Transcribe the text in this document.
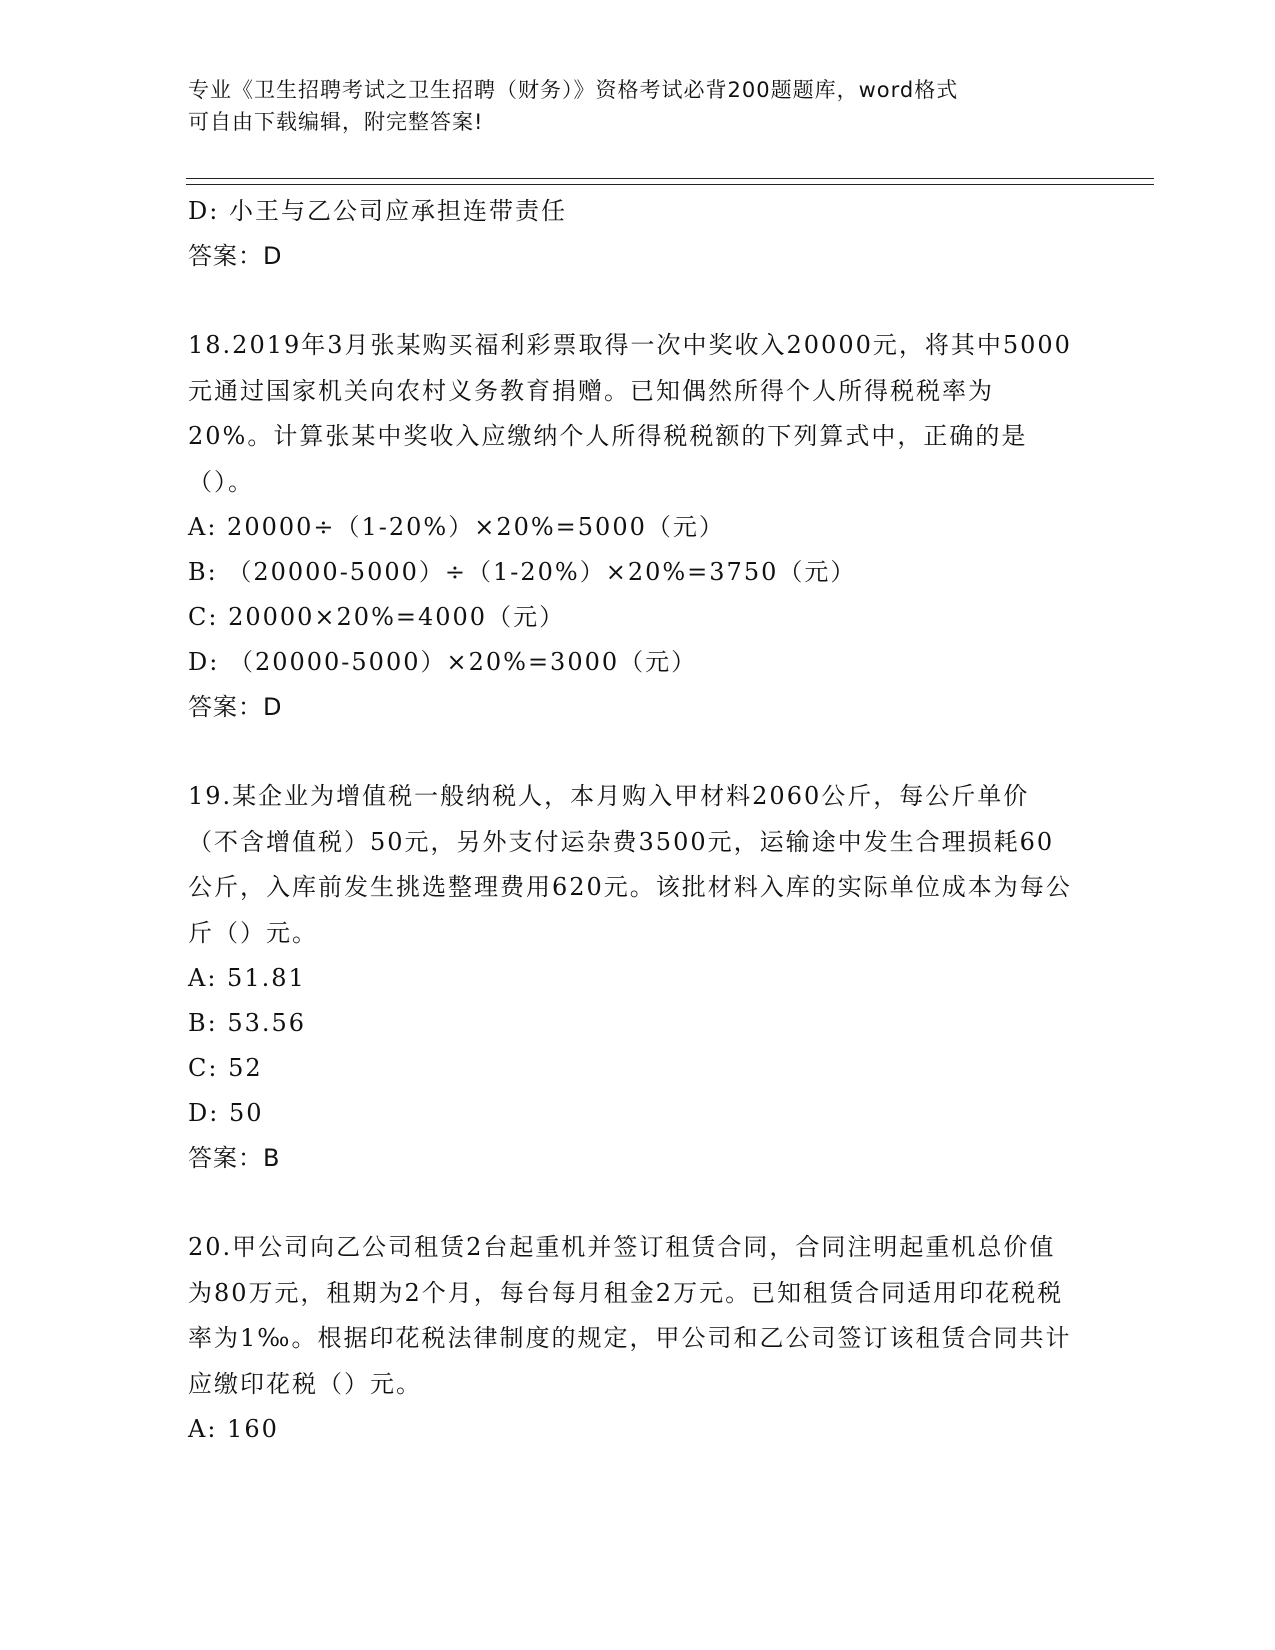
专业《卫生招聘考试之卫生招聘（财务）》资格考试必背200题题库，word格式
可自由下载编辑，附完整答案!
D: 小王与乙公司应承担连带责任
答案：D
18.2019年3月张某购买福利彩票取得一次中奖收入20000元，将其中5000元通过国家机关向农村义务教育捐赠。已知偶然所得个人所得税税率为20%。计算张某中奖收入应缴纳个人所得税税额的下列算式中，正确的是（）。
A: 20000÷（1-20%）×20%=5000（元）
B: （20000-5000）÷（1-20%）×20%=3750（元）
C: 20000×20%=4000（元）
D: （20000-5000）×20%=3000（元）
答案：D
19.某企业为增值税一般纳税人，本月购入甲材料2060公斤，每公斤单价（不含增值税）50元，另外支付运杂费3500元，运输途中发生合理损耗60公斤，入库前发生挑选整理费用620元。该批材料入库的实际单位成本为每公斤（）元。
A: 51.81
B: 53.56
C: 52
D: 50
答案：B
20.甲公司向乙公司租赁2台起重机并签订租赁合同，合同注明起重机总价值为80万元，租期为2个月，每台每月租金2万元。已知租赁合同适用印花税税率为1‰。根据印花税法律制度的规定，甲公司和乙公司签订该租赁合同共计应缴印花税（）元。
A: 160
